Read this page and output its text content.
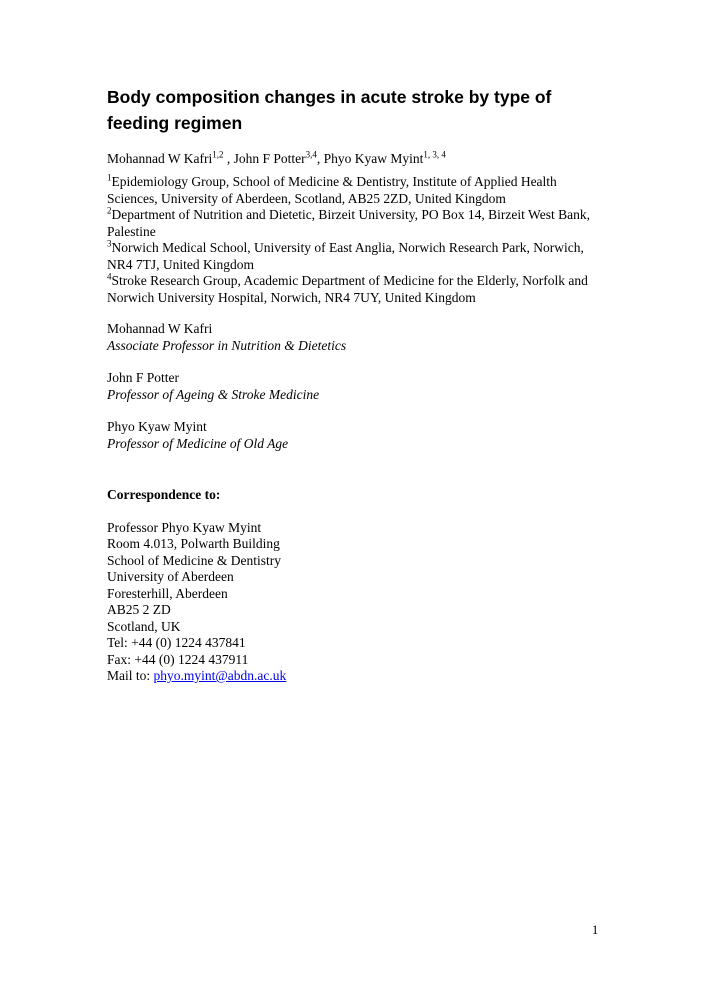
Body composition changes in acute stroke by type of feeding regimen

Mohannad W Kafri$^{1,2}$ , John F Potter$^{3,4}$, Phyo Kyaw Myint$^{1, 3, 4}$

$^1$Epidemiology Group, School of Medicine & Dentistry, Institute of Applied Health Sciences, University of Aberdeen, Scotland, AB25 2ZD, United Kingdom

$^2$Department of Nutrition and Dietetic, Birzeit University, PO Box 14, Birzeit West Bank, Palestine

$^3$Norwich Medical School, University of East Anglia, Norwich Research Park, Norwich, NR4 7TJ, United Kingdom

$^4$Stroke Research Group, Academic Department of Medicine for the Elderly, Norfolk and Norwich University Hospital, Norwich, NR4 7UY, United Kingdom

Mohannad W Kafri
Associate Professor in Nutrition & Dietetics
John F Potter
Professor of Ageing & Stroke Medicine
Phyo Kyaw Myint
Professor of Medicine of Old Age

Correspondence to:

Professor Phyo Kyaw Myint
Room 4.013, Polwarth Building
School of Medicine & Dentistry
University of Aberdeen
Foresterhill, Aberdeen
AB25 2 ZD
Scotland, UK
Tel: +44 (0) 1224 437841
Fax: +44 (0) 1224 437911
Mail to: phyo.myint@abdn.ac.uk
1
